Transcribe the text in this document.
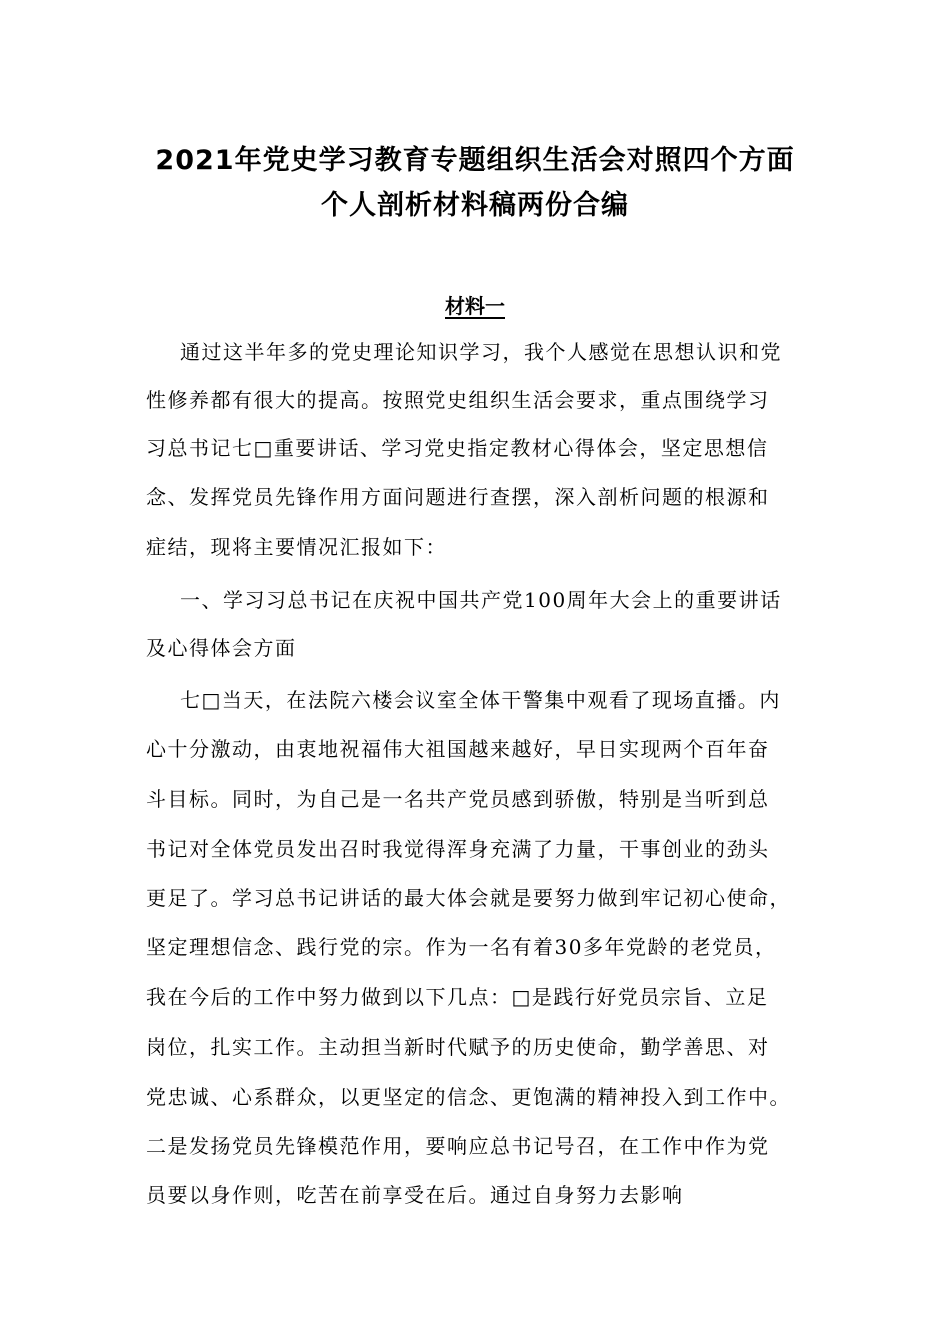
2021年党史学习教育专题组织生活会对照四个方面
个人剖析材料稿两份合编
材料一
通过这半年多的党史理论知识学习，我个人感觉在思想认识和党
性修养都有很大的提高。按照党史组织生活会要求，重点围绕学习
习总书记七□重要讲话、学习党史指定教材心得体会，坚定思想信
念、发挥党员先锋作用方面问题进行查摆，深入剖析问题的根源和
症结，现将主要情况汇报如下：
一、学习习总书记在庆祝中国共产党100周年大会上的重要讲话
及心得体会方面
七□当天，在法院六楼会议室全体干警集中观看了现场直播。内
心十分激动，由衷地祝福伟大祖国越来越好，早日实现两个百年奋
斗目标。同时，为自己是一名共产党员感到骄傲，特别是当听到总
书记对全体党员发出召时我觉得浑身充满了力量，干事创业的劲头
更足了。学习总书记讲话的最大体会就是要努力做到牢记初心使命，
坚定理想信念、践行党的宗。作为一名有着30多年党龄的老党员，
我在今后的工作中努力做到以下几点：□是践行好党员宗旨、立足
岗位，扎实工作。主动担当新时代赋予的历史使命，勤学善思、对
党忠诚、心系群众，以更坚定的信念、更饱满的精神投入到工作中。
二是发扬党员先锋模范作用，要响应总书记号召，在工作中作为党
员要以身作则，吃苦在前享受在后。通过自身努力去影响
